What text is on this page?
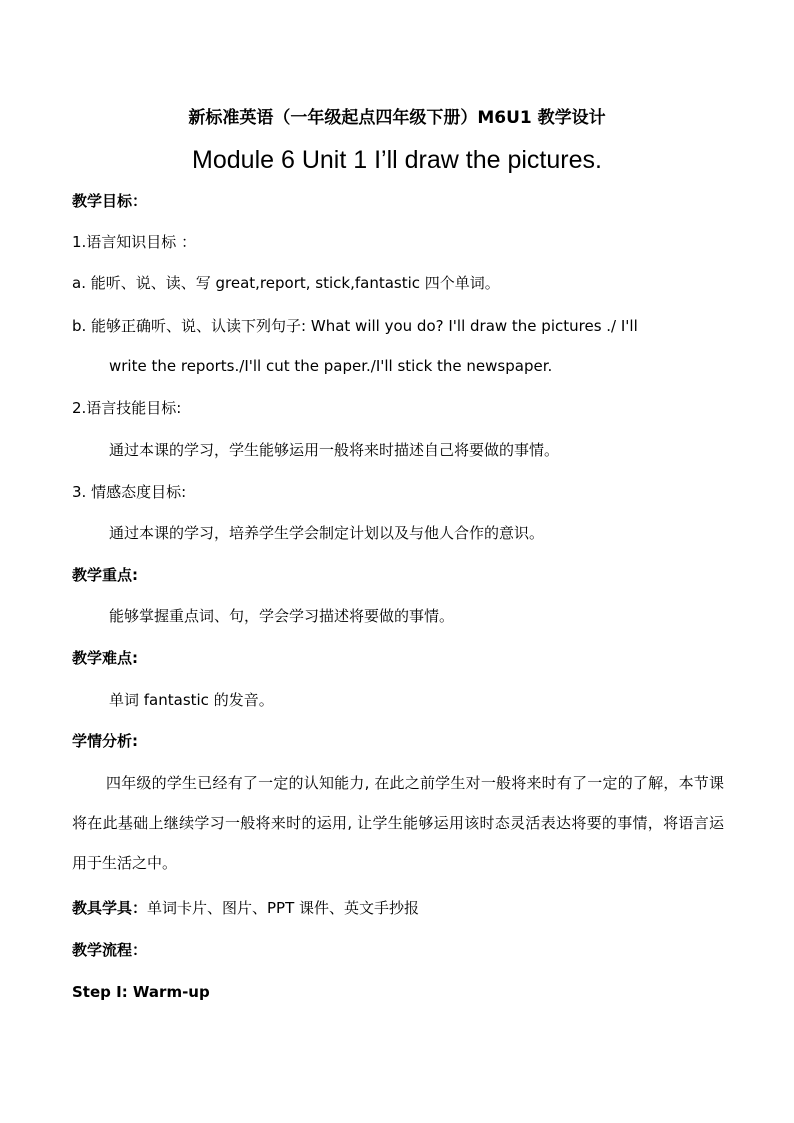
新标准英语（一年级起点四年级下册）M6U1 教学设计
Module 6 Unit 1 I’ll draw the pictures.
教学目标：
1.语言知识目标 ：
a. 能听、说、读、写 great,report, stick,fantastic 四个单词。
b. 能够正确听、说、认读下列句子: What will you do? I'll draw the pictures ./ I'll
write the reports./I'll cut the paper./I'll stick the newspaper.
2.语言技能目标:
通过本课的学习，学生能够运用一般将来时描述自己将要做的事情。
3. 情感态度目标:
通过本课的学习，培养学生学会制定计划以及与他人合作的意识。
教学重点:
能够掌握重点词、句，学会学习描述将要做的事情。
教学难点:
单词 fantastic 的发音。
学情分析:
四年级的学生已经有了一定的认知能力, 在此之前学生对一般将来时有了一定的了解，本节课将在此基础上继续学习一般将来时的运用, 让学生能够运用该时态灵活表达将要的事情，将语言运用于生活之中。
教具学具：单词卡片、图片、PPT 课件、英文手抄报
教学流程：
Step I: Warm-up
